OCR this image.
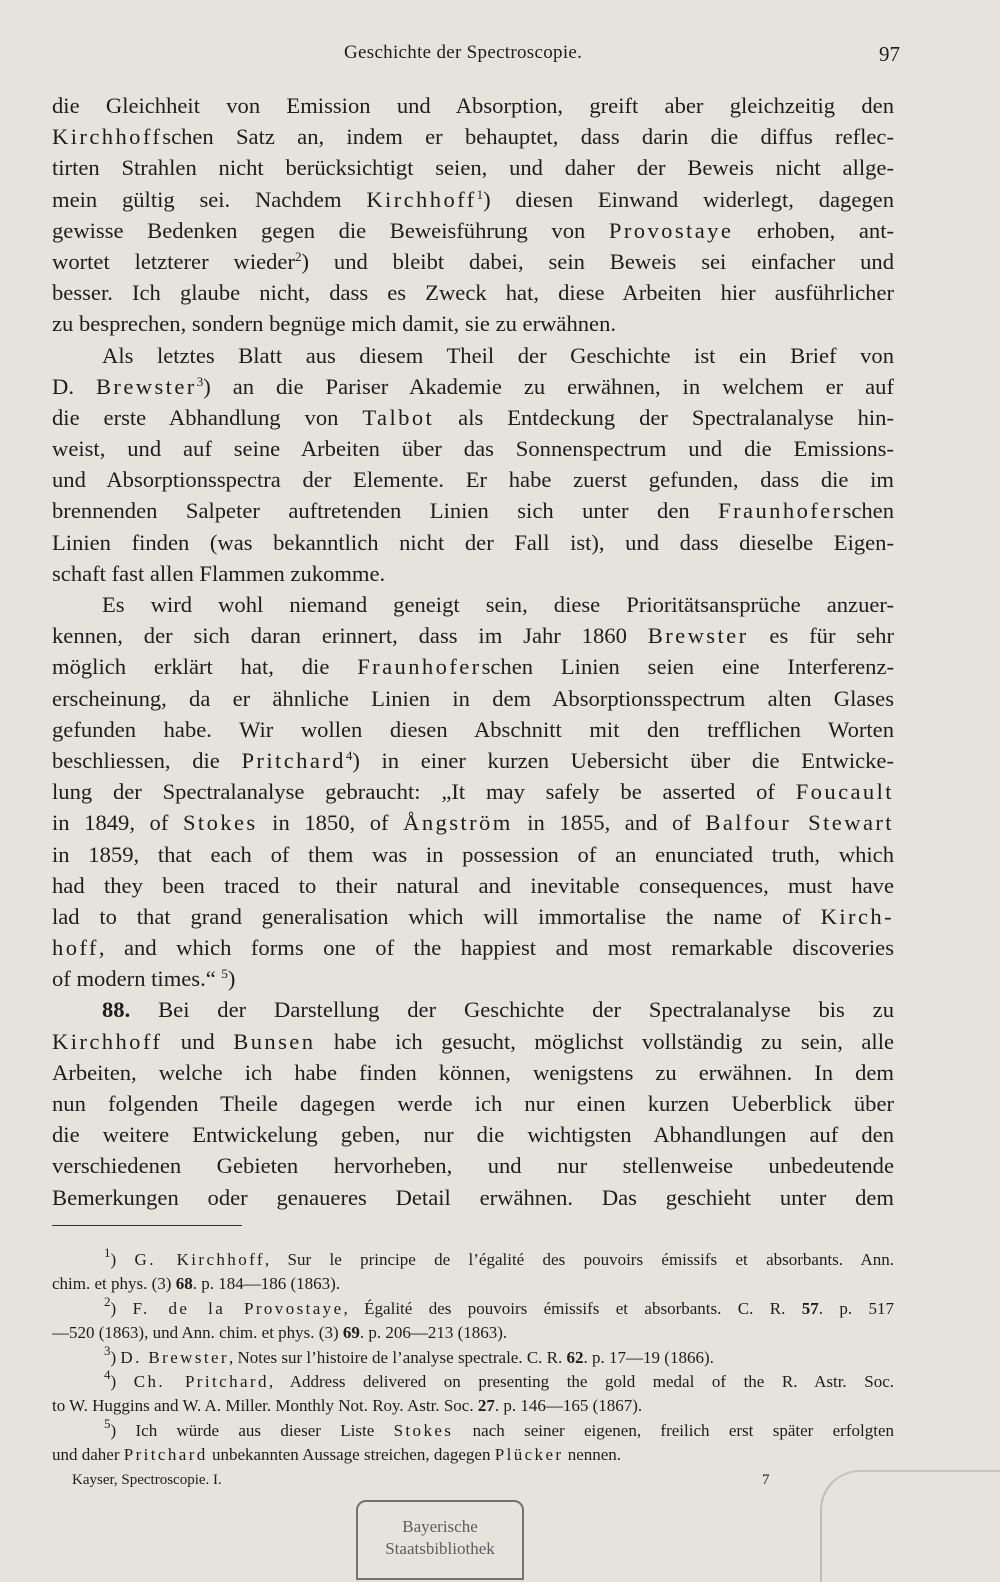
Geschichte der Spectroscopie.	97
die Gleichheit von Emission und Absorption, greift aber gleichzeitig den
Kirchhoffschen Satz an, indem er behauptet, dass darin die diffus reflec-
tirten Strahlen nicht berücksichtigt seien, und daher der Beweis nicht allge-
mein gültig sei. Nachdem Kirchhoff$^1$) diesen Einwand widerlegt, dagegen
gewisse Bedenken gegen die Beweisführung von Provostaye erhoben, ant-
wortet letzterer wieder$^2$) und bleibt dabei, sein Beweis sei einfacher und
besser. Ich glaube nicht, dass es Zweck hat, diese Arbeiten hier ausführlicher
zu besprechen, sondern begnüge mich damit, sie zu erwähnen.
Als letztes Blatt aus diesem Theil der Geschichte ist ein Brief von
D. Brewster$^3$) an die Pariser Akademie zu erwähnen, in welchem er auf
die erste Abhandlung von Talbot als Entdeckung der Spectralanalyse hin-
weist, und auf seine Arbeiten über das Sonnenspectrum und die Emissions-
und Absorptionsspectra der Elemente. Er habe zuerst gefunden, dass die im
brennenden Salpeter auftretenden Linien sich unter den Fraunhoferschen
Linien finden (was bekanntlich nicht der Fall ist), und dass dieselbe Eigen-
schaft fast allen Flammen zukomme.
Es wird wohl niemand geneigt sein, diese Prioritätsansprüche anzuer-
kennen, der sich daran erinnert, dass im Jahr 1860 Brewster es für sehr
möglich erklärt hat, die Fraunhoferschen Linien seien eine Interferenz-
erscheinung, da er ähnliche Linien in dem Absorptionsspectrum alten Glases
gefunden habe. Wir wollen diesen Abschnitt mit den trefflichen Worten
beschliessen, die Pritchard$^4$) in einer kurzen Uebersicht über die Entwicke-
lung der Spectralanalyse gebraucht: „It may safely be asserted of Foucault
in 1849, of Stokes in 1850, of Ångström in 1855, and of Balfour Stewart
in 1859, that each of them was in possession of an enunciated truth, which
had they been traced to their natural and inevitable consequences, must have
lad to that grand generalisation which will immortalise the name of Kirch-
hoff, and which forms one of the happiest and most remarkable discoveries
of modern times.“ $^5$)
88. Bei der Darstellung der Geschichte der Spectralanalyse bis zu
Kirchhoff und Bunsen habe ich gesucht, möglichst vollständig zu sein, alle
Arbeiten, welche ich habe finden können, wenigstens zu erwähnen. In dem
nun folgenden Theile dagegen werde ich nur einen kurzen Ueberblick über
die weitere Entwickelung geben, nur die wichtigsten Abhandlungen auf den
verschiedenen Gebieten hervorheben, und nur stellenweise unbedeutende
Bemerkungen oder genaueres Detail erwähnen. Das geschieht unter dem
$^1$) G. Kirchhoff, Sur le principe de l’égalité des pouvoirs émissifs et absorbants. Ann.
chim. et phys. (3) 68. p. 184—186 (1863).
$^2$) F. de la Provostaye, Égalité des pouvoirs émissifs et absorbants. C. R. 57. p. 517
—520 (1863), und Ann. chim. et phys. (3) 69. p. 206—213 (1863).
$^3$) D. Brewster, Notes sur l’histoire de l’analyse spectrale. C. R. 62. p. 17—19 (1866).
$^4$) Ch. Pritchard, Address delivered on presenting the gold medal of the R. Astr. Soc.
to W. Huggins and W. A. Miller. Monthly Not. Roy. Astr. Soc. 27. p. 146—165 (1867).
$^5$) Ich würde aus dieser Liste Stokes nach seiner eigenen, freilich erst später erfolgten
und daher Pritchard unbekannten Aussage streichen, dagegen Plücker nennen.
Kayser, Spectroscopie. I.	7
Bayerische
Staatsbibliothek
